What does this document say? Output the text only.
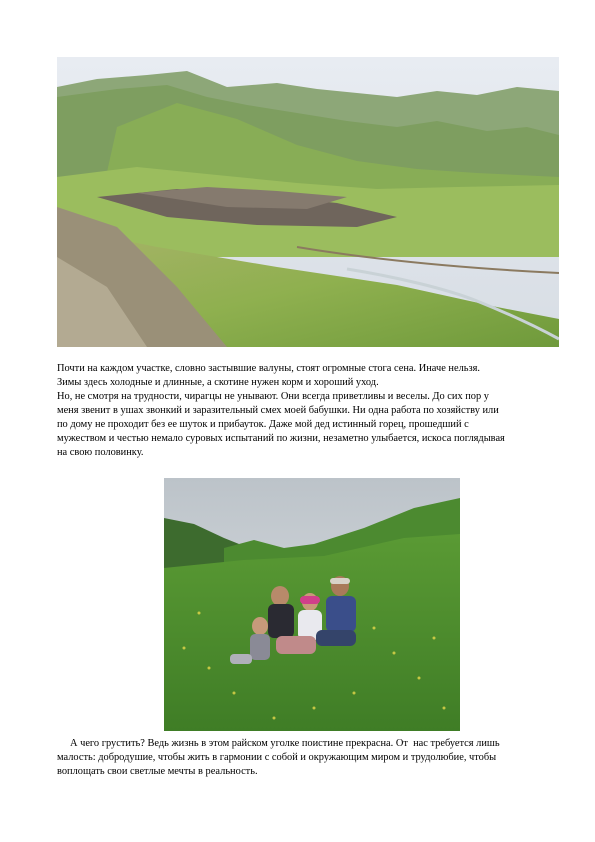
Почти на каждом участке, словно застывшие валуны, стоят огромные стога сена. Иначе нельзя.
Зимы здесь холодные и длинные, а скотине нужен корм и хороший уход.
Но, не смотря на трудности, чирагцы не унывают. Они всегда приветливы и веселы. До сих пор у
меня звенит в ушах звонкий и заразительный смех моей бабушки. Ни одна работа по хозяйству или
по дому не проходит без ее шуток и прибауток. Даже мой дед истинный горец, прошедший с
мужеством и честью немало суровых испытаний по жизни, незаметно улыбается, искоса поглядывая
на свою половинку.
А чего грустить? Ведь жизнь в этом райском уголке поистине прекрасна. От  нас требуется лишь
малость: добродушие, чтобы жить в гармонии с собой и окружающим миром и трудолюбие, чтобы
воплощать свои светлые мечты в реальность.
